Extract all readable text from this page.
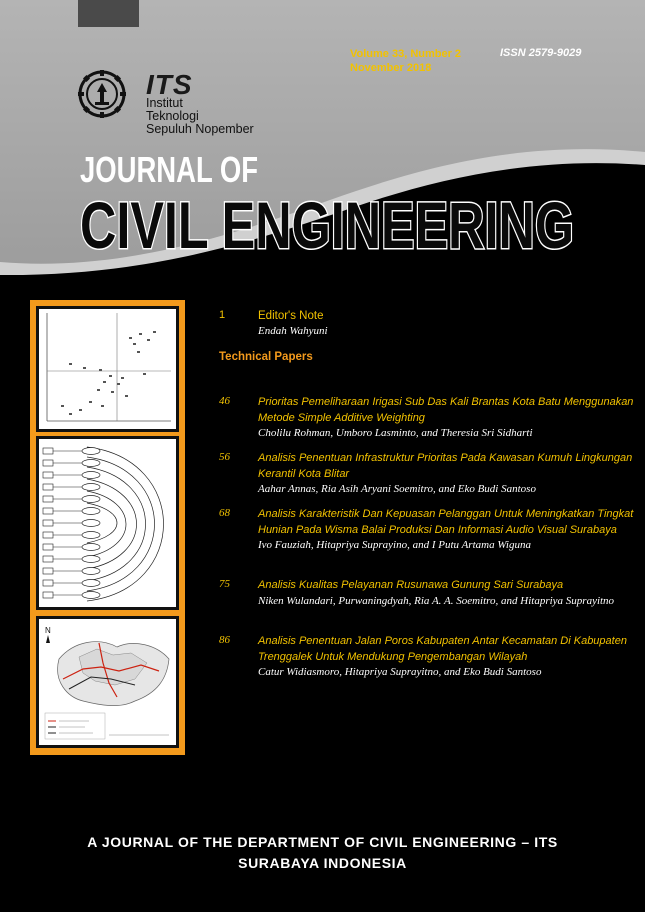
ITS
Institut
Teknologi
Sepuluh Nopember
Volume 33, Number 2
November 2018
ISSN 2579-9029
JOURNAL OF
CIVIL ENGINEERING
N
1	Editor's Note
Endah Wahyuni
Technical Papers
46	Prioritas Pemeliharaan Irigasi Sub Das Kali Brantas Kota Batu Menggunakan Metode Simple Additive Weighting
Cholilu Rohman, Umboro Lasminto, and Theresia Sri Sidharti
56	Analisis Penentuan Infrastruktur Prioritas Pada Kawasan Kumuh Lingkungan Kerantil Kota Blitar
Aahar Annas, Ria Asih Aryani Soemitro, and Eko Budi Santoso
68	Analisis Karakteristik Dan Kepuasan Pelanggan Untuk Meningkatkan Tingkat Hunian Pada Wisma Balai Produksi Dan Informasi Audio Visual Surabaya
Ivo Fauziah, Hitapriya Suprayino, and I Putu Artama Wiguna
75	Analisis Kualitas Pelayanan Rusunawa Gunung Sari Surabaya
Niken Wulandari, Purwaningdyah, Ria A. A. Soemitro, and Hitapriya Suprayitno
86	Analisis Penentuan Jalan Poros Kabupaten Antar Kecamatan Di Kabupaten Trenggalek Untuk Mendukung Pengembangan Wilayah
Catur Widiasmoro, Hitapriya Suprayitno, and Eko Budi Santoso
A JOURNAL OF THE DEPARTMENT OF CIVIL ENGINEERING – ITS
SURABAYA INDONESIA
